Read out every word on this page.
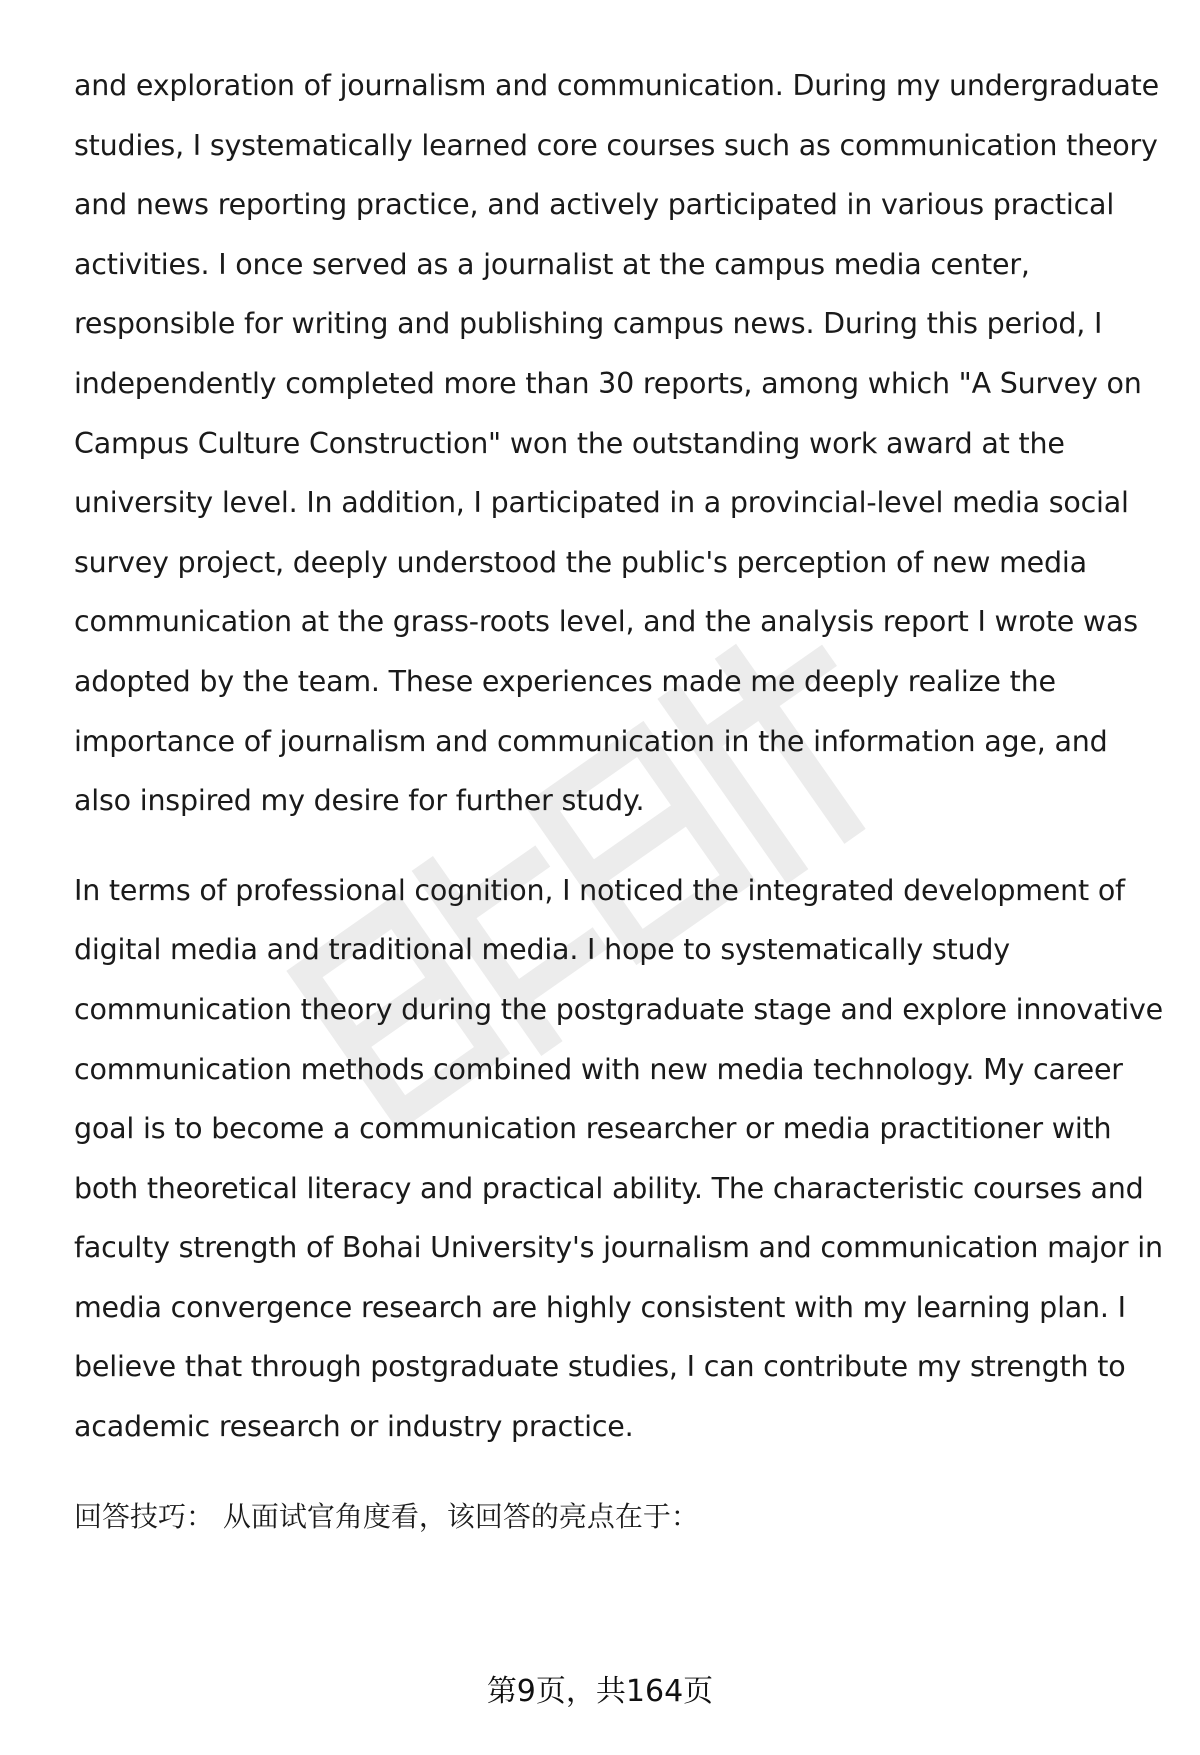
and exploration of journalism and communication. During my undergraduate studies, I systematically learned core courses such as communication theory and news reporting practice, and actively participated in various practical activities. I once served as a journalist at the campus media center, responsible for writing and publishing campus news. During this period, I independently completed more than 30 reports, among which "A Survey on Campus Culture Construction" won the outstanding work award at the university level. In addition, I participated in a provincial-level media social survey project, deeply understood the public's perception of new media communication at the grass-roots level, and the analysis report I wrote was adopted by the team. These experiences made me deeply realize the importance of journalism and communication in the information age, and also inspired my desire for further study.

In terms of professional cognition, I noticed the integrated development of digital media and traditional media. I hope to systematically study communication theory during the postgraduate stage and explore innovative communication methods combined with new media technology. My career goal is to become a communication researcher or media practitioner with both theoretical literacy and practical ability. The characteristic courses and faculty strength of Bohai University's journalism and communication major in media convergence research are highly consistent with my learning plan. I believe that through postgraduate studies, I can contribute my strength to academic research or industry practice.

回答技巧： 从面试官角度看，该回答的亮点在于：

第9页，共164页
